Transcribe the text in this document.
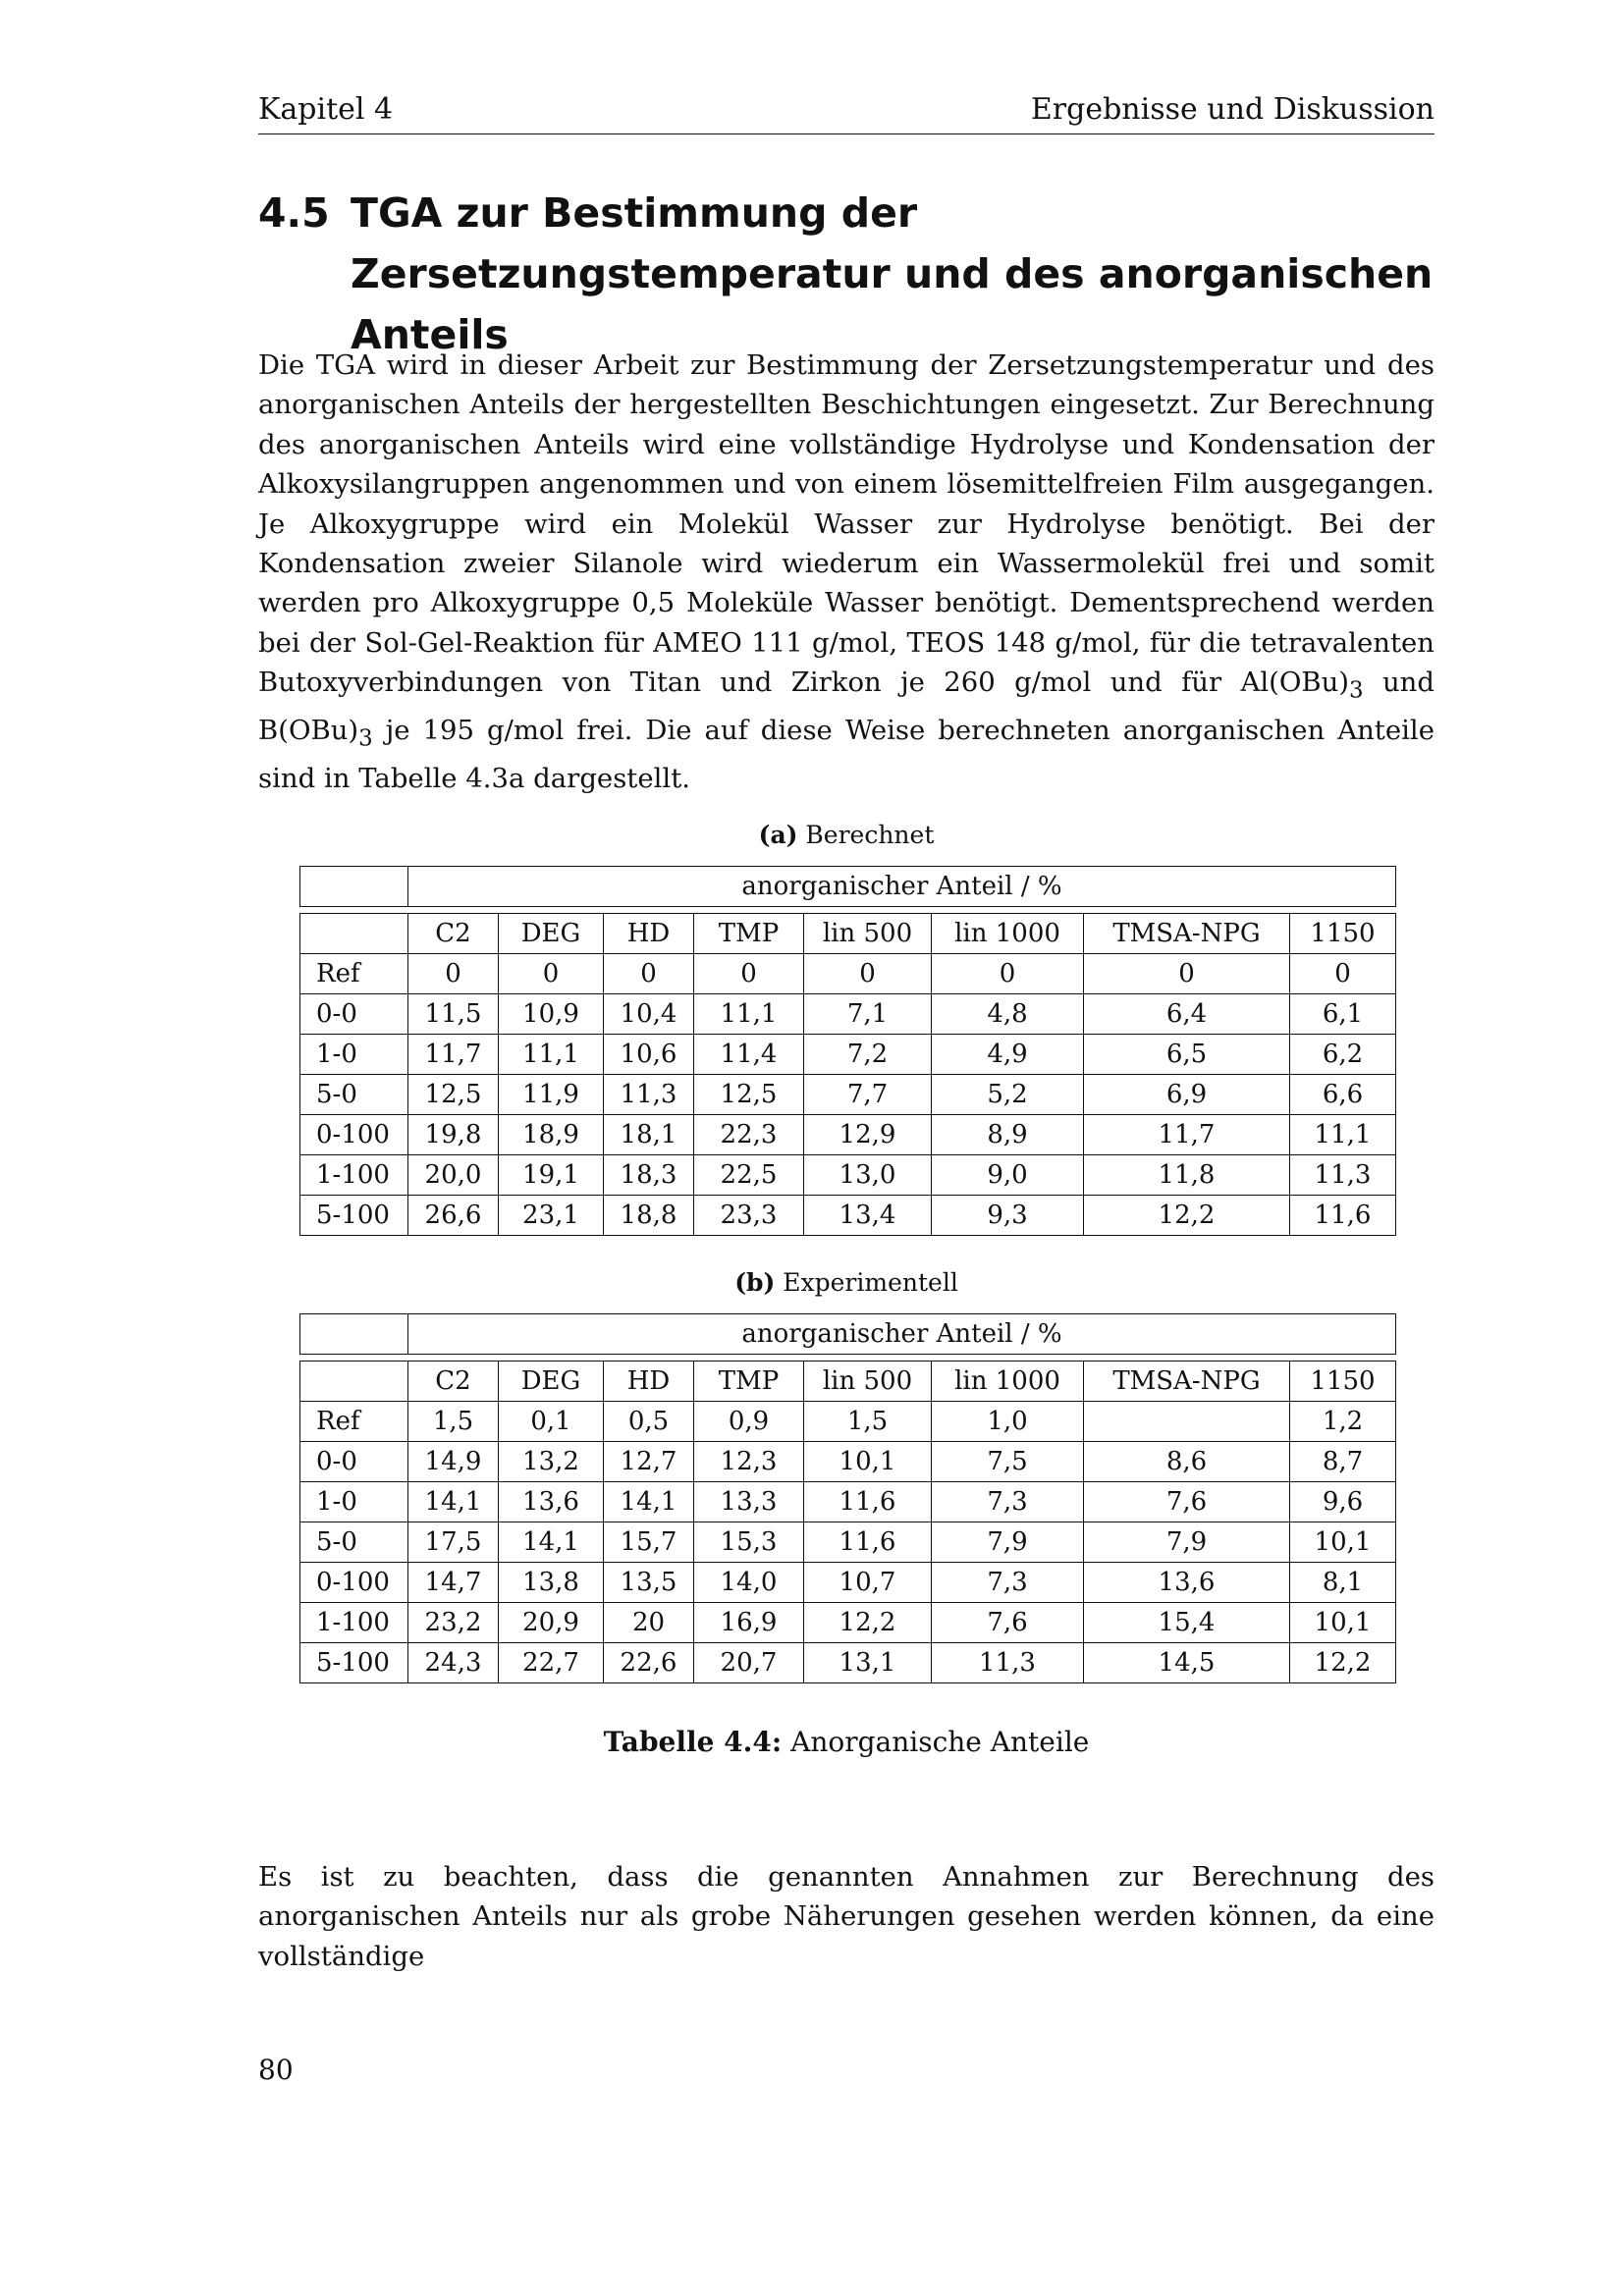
Kapitel 4	Ergebnisse und Diskussion
4.5 TGA zur Bestimmung der Zersetzungstemperatur und des anorganischen Anteils

Die TGA wird in dieser Arbeit zur Bestimmung der Zersetzungstemperatur und des anorganischen Anteils der hergestellten Beschichtungen eingesetzt. Zur Berechnung des anorganischen Anteils wird eine vollständige Hydrolyse und Kondensation der Alkoxysilangruppen angenommen und von einem lösemittelfreien Film ausgegangen. Je Alkoxygruppe wird ein Molekül Wasser zur Hydrolyse benötigt. Bei der Kondensation zweier Silanole wird wiederum ein Wassermolekül frei und somit werden pro Alkoxygruppe 0,5 Moleküle Wasser benötigt. Dementsprechend werden bei der Sol-Gel-Reaktion für AMEO 111 g/mol, TEOS 148 g/mol, für die tetravalenten Butoxyverbindungen von Titan und Zirkon je 260 g/mol und für $Al(OBu)_3$ und $B(OBu)_3$ je 195 g/mol frei. Die auf diese Weise berechneten anorganischen Anteile sind in Tabelle 4.3a dargestellt.

(a) Berechnet
	anorganischer Anteil / %							

	C2	DEG	HD	TMP	lin 500	lin 1000	TMSA-NPG	1150
Ref	0	0	0	0	0	0	0	0
0-0	11,5	10,9	10,4	11,1	7,1	4,8	6,4	6,1
1-0	11,7	11,1	10,6	11,4	7,2	4,9	6,5	6,2
5-0	12,5	11,9	11,3	12,5	7,7	5,2	6,9	6,6
0-100	19,8	18,9	18,1	22,3	12,9	8,9	11,7	11,1
1-100	20,0	19,1	18,3	22,5	13,0	9,0	11,8	11,3
5-100	26,6	23,1	18,8	23,3	13,4	9,3	12,2	11,6
(b) Experimentell
	anorganischer Anteil / %							

	C2	DEG	HD	TMP	lin 500	lin 1000	TMSA-NPG	1150
Ref	1,5	0,1	0,5	0,9	1,5	1,0		1,2
0-0	14,9	13,2	12,7	12,3	10,1	7,5	8,6	8,7
1-0	14,1	13,6	14,1	13,3	11,6	7,3	7,6	9,6
5-0	17,5	14,1	15,7	15,3	11,6	7,9	7,9	10,1
0-100	14,7	13,8	13,5	14,0	10,7	7,3	13,6	8,1
1-100	23,2	20,9	20	16,9	12,2	7,6	15,4	10,1
5-100	24,3	22,7	22,6	20,7	13,1	11,3	14,5	12,2
Tabelle 4.4: Anorganische Anteile

Es ist zu beachten, dass die genannten Annahmen zur Berechnung des anorganischen Anteils nur als grobe Näherungen gesehen werden können, da eine vollständige

80
